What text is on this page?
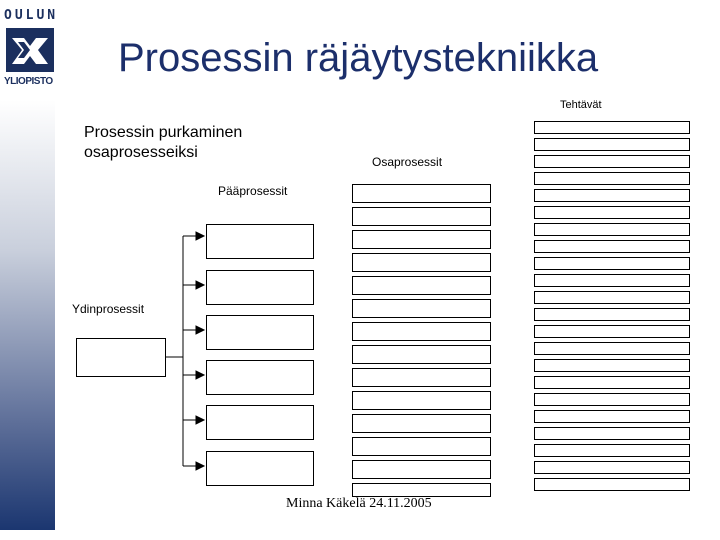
OULUN
YLIOPISTO
Prosessin räjäytystekniikka
Tehtävät
Prosessin purkaminen
osaprosesseiksi
Osaprosessit
Pääprosessit
Ydinprosessit
Minna Käkelä 24.11.2005
